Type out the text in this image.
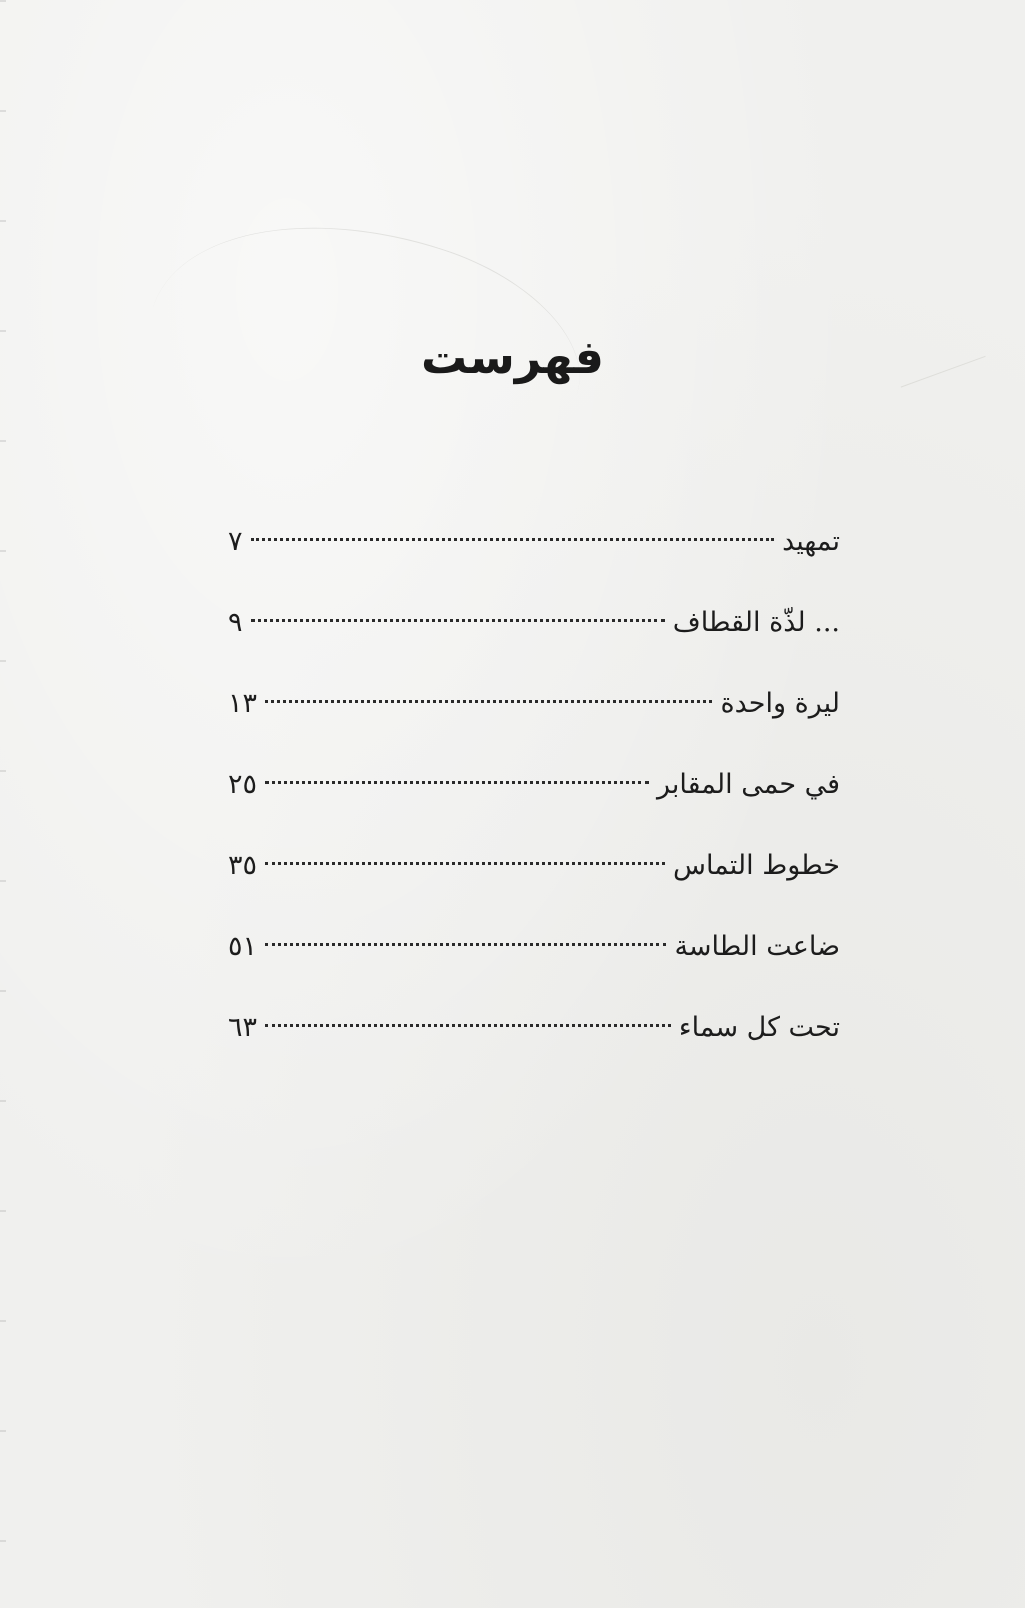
فهرست
تمهيد
٧
... لذّة القطاف
٩
ليرة واحدة
١٣
في حمى المقابر
٢٥
خطوط التماس
٣٥
ضاعت الطاسة
٥١
تحت كل سماء
٦٣
